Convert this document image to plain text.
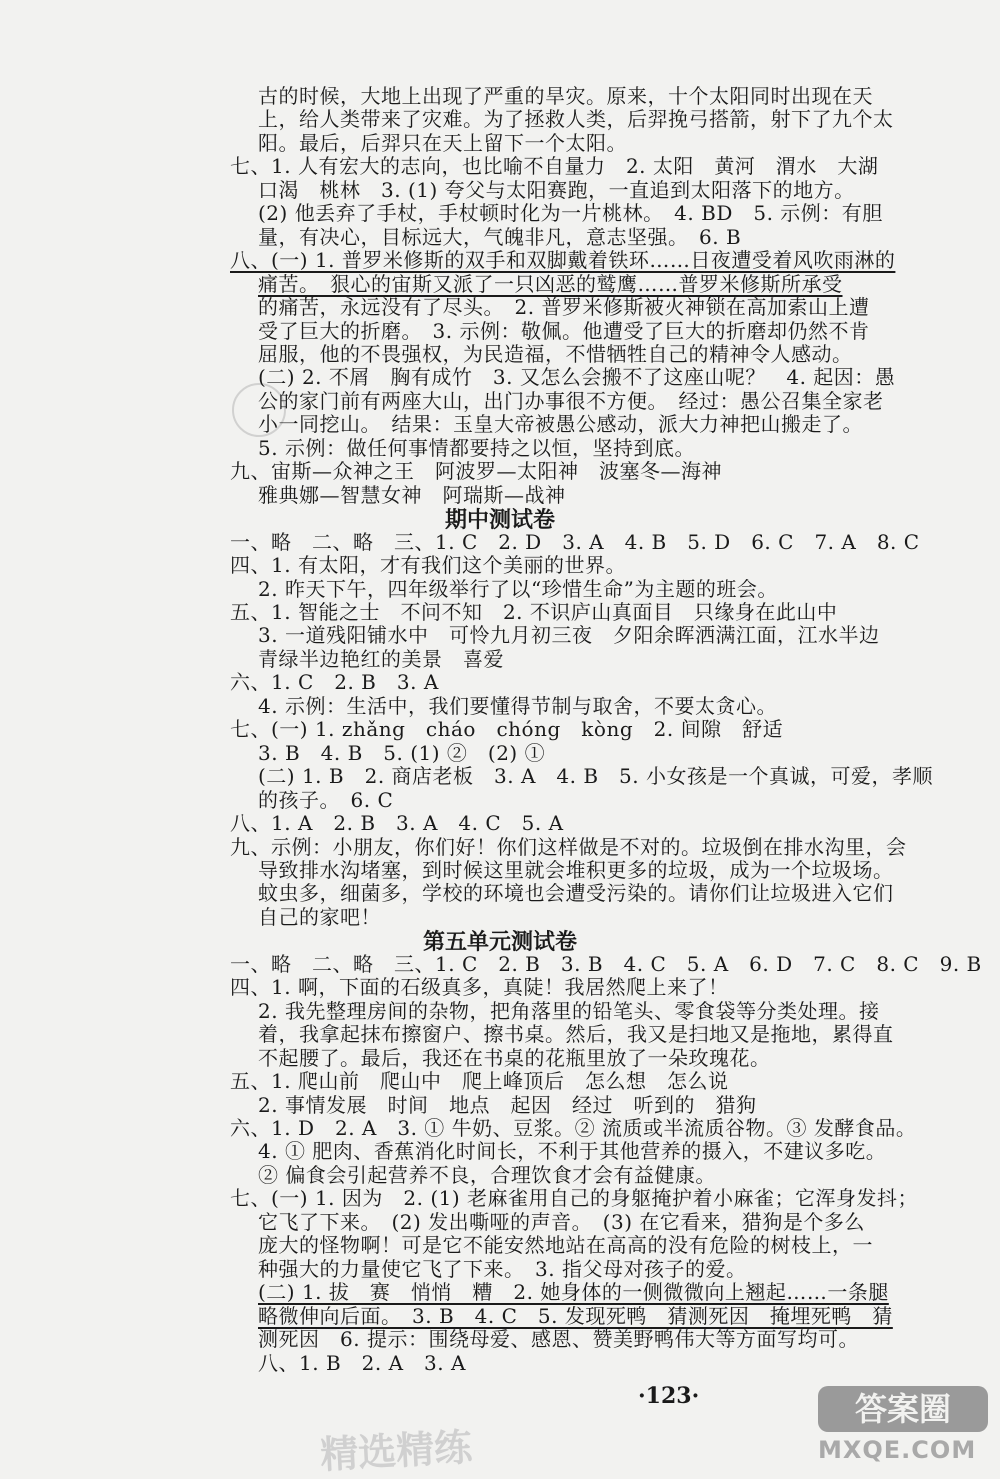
期中测试卷
第五单元测试卷
古的时候，大地上出现了严重的旱灾。原来，十个太阳同时出现在天
上，给人类带来了灾难。为了拯救人类，后羿挽弓搭箭，射下了九个太
阳。最后，后羿只在天上留下一个太阳。
七、1. 人有宏大的志向，也比喻不自量力　2. 太阳　黄河　渭水　大湖
口渴　桃林　3. (1) 夸父与太阳赛跑，一直追到太阳落下的地方。
(2) 他丢弃了手杖，手杖顿时化为一片桃林。　4. BD　5. 示例：有胆
量，有决心，目标远大，气魄非凡，意志坚强。　6. B
八、(一) 1. 普罗米修斯的双手和双脚戴着铁环……日夜遭受着风吹雨淋的
痛苦。　狠心的宙斯又派了一只凶恶的鹫鹰……普罗米修斯所承受
的痛苦，永远没有了尽头。　2. 普罗米修斯被火神锁在高加索山上遭
受了巨大的折磨。　3. 示例：敬佩。他遭受了巨大的折磨却仍然不肯
屈服，他的不畏强权，为民造福，不惜牺牲自己的精神令人感动。
(二) 2. 不屑　胸有成竹　3. 又怎么会搬不了这座山呢？　4. 起因：愚
公的家门前有两座大山，出门办事很不方便。　经过：愚公召集全家老
小一同挖山。　结果：玉皇大帝被愚公感动，派大力神把山搬走了。
5. 示例：做任何事情都要持之以恒，坚持到底。
九、宙斯—众神之王　阿波罗—太阳神　波塞冬—海神
雅典娜—智慧女神　阿瑞斯—战神
一、略　二、略　三、1. C　2. D　3. A　4. B　5. D　6. C　7. A　8. C
四、1. 有太阳，才有我们这个美丽的世界。
2. 昨天下午，四年级举行了以“珍惜生命”为主题的班会。
五、1. 智能之士　不问不知　2. 不识庐山真面目　只缘身在此山中
3. 一道残阳铺水中　可怜九月初三夜　夕阳余晖洒满江面，江水半边
青绿半边艳红的美景　喜爱
六、1. C　2. B　3. A
4. 示例：生活中，我们要懂得节制与取舍，不要太贪心。
七、(一) 1. zhǎng　cháo　chóng　kòng　2. 间隙　舒适
3. B　4. B　5. (1) ②　(2) ①
(二) 1. B　2. 商店老板　3. A　4. B　5. 小女孩是一个真诚，可爱，孝顺
的孩子。　6. C
八、1. A　2. B　3. A　4. C　5. A
九、示例：小朋友，你们好！你们这样做是不对的。垃圾倒在排水沟里，会
导致排水沟堵塞，到时候这里就会堆积更多的垃圾，成为一个垃圾场。
蚊虫多，细菌多，学校的环境也会遭受污染的。请你们让垃圾进入它们
自己的家吧！
一、略　二、略　三、1. C　2. B　3. B　4. C　5. A　6. D　7. C　8. C　9. B
四、1. 啊，下面的石级真多，真陡！我居然爬上来了！
2. 我先整理房间的杂物，把角落里的铅笔头、零食袋等分类处理。接
着，我拿起抹布擦窗户、擦书桌。然后，我又是扫地又是拖地，累得直
不起腰了。最后，我还在书桌的花瓶里放了一朵玫瑰花。
五、1. 爬山前　爬山中　爬上峰顶后　怎么想　怎么说
2. 事情发展　时间　地点　起因　经过　听到的　猎狗
六、1. D　2. A　3. ① 牛奶、豆浆。② 流质或半流质谷物。③ 发酵食品。
4. ① 肥肉、香蕉消化时间长，不利于其他营养的摄入，不建议多吃。
② 偏食会引起营养不良，合理饮食才会有益健康。
七、(一) 1. 因为　2. (1) 老麻雀用自己的身躯掩护着小麻雀；它浑身发抖；
它飞了下来。　(2) 发出嘶哑的声音。　(3) 在它看来，猎狗是个多么
庞大的怪物啊！可是它不能安然地站在高高的没有危险的树枝上，一
种强大的力量使它飞了下来。　3. 指父母对孩子的爱。
(二) 1. 拔　赛　悄悄　糟　2. 她身体的一侧微微向上翘起……一条腿
略微伸向后面。　3. B　4. C　5. 发现死鸭　猜测死因　掩埋死鸭　猜
测死因　6. 提示：围绕母爱、感恩、赞美野鸭伟大等方面写均可。
八、1. B　2. A　3. A
·123·
精选精练
答案圈
MXQE.COM
